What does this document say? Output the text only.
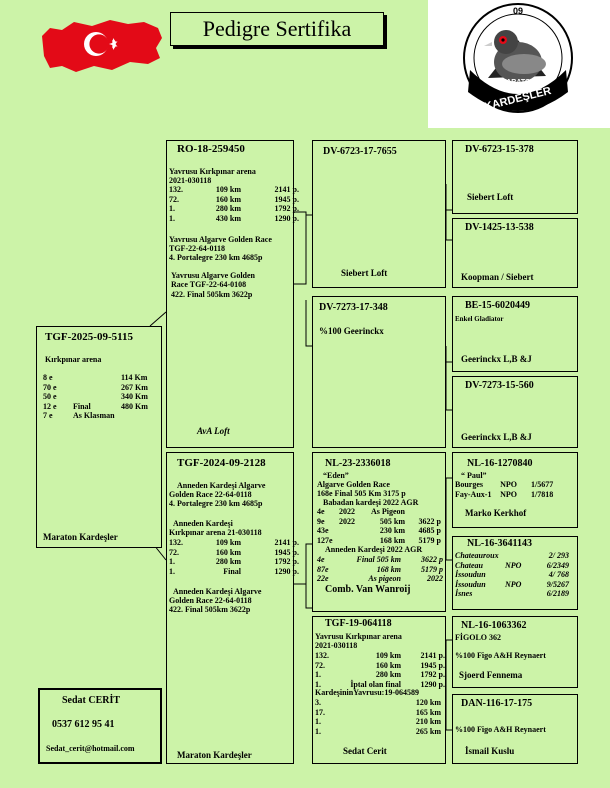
Pedigre Sertifika
09
MARATON
KARDEŞLER
TGF-2025-09-5115
Kırkpınar arena
8 e	114 Km
70 e	267 Km
50 e	340 Km
12 e	Final	480 Km
7 e	As Klasman
Maraton Kardeşler
Sedat CERİT
0537 612 95 41
Sedat_cerit@hotmail.com
RO-18-259450
Yavrusu Kırkpınar arena
2021-030118
132.	109 km	2141 p.
72.	160 km	1945 p.
1.	280 km	1792 p.
1.	430 km	1290 p.
Yavrusu Algarve Golden Race
TGF-22-64-0118
4. Portalegre 230 km 4685p
Yavrusu Algarve Golden
Race TGF-22-64-0108
422. Final 505km 3622p
AvA Loft
TGF-2024-09-2128
Anneden Kardeşi Algarve
Golden Race 22-64-0118
4. Portalegre 230 km 4685p
Anneden Kardeşi
Kırkpınar arena 21-030118
132.	109 km	2141 p.
72.	160 km	1945 p.
1.	280 km	1792 p.
1.	Final	1290 p.
Anneden Kardeşi Algarve
Golden Race 22-64-0118
422. Final 505km 3622p
Maraton Kardeşler
DV-6723-17-7655
Siebert Loft
DV-7273-17-348
%100 Geerinckx
NL-23-2336018
“Eden”
Algarve Golden Race
168e Final 505 Km 3175 p
Babadan kardeşi 2022 AGR
4e	2022	As Pigeon
9e	2022	505 km	3622 p
43e	230 km	4685 p
127e	168 km	5179 p
Anneden Kardeşi 2022 AGR
4e	Final 505 km	3622 p
87e	168 km	5179 p
22e	As pigeon	2022
Comb. Van Wanroij
TGF-19-064118
Yavrusu Kırkpınar arena
2021-030118
132.	109 km	2141 p.
72.	160 km	1945 p.
1.	280 km	1792 p.
1.	İptal olan final	1290 p.
KardeşininYavrusu:19-064589
3.	120 km
17.	165 km
1.	210 km
1.	265 km
Sedat Cerit
DV-6723-15-378
Siebert Loft
DV-1425-13-538
Koopman / Siebert
BE-15-6020449
Enkel Gladiator
Geerinckx L,B &J
DV-7273-15-560
Geerinckx L,B &J
NL-16-1270840
“ Paul”
Bourges	NPO	1/5677
Fay-Aux-1	NPO	1/7818
Marko Kerkhof
NL-16-3641143
Chateauroux	2/ 293
Chateau	NPO	6/2349
İssoudun	4/ 768
İssoudun	NPO	9/5267
İsnes	6/2189
NL-16-1063362
FİGOLO 362
%100 Figo A&H Reynaert
Sjoerd Fennema
DAN-116-17-175
%100 Figo A&H Reynaert
İsmail Kuslu
